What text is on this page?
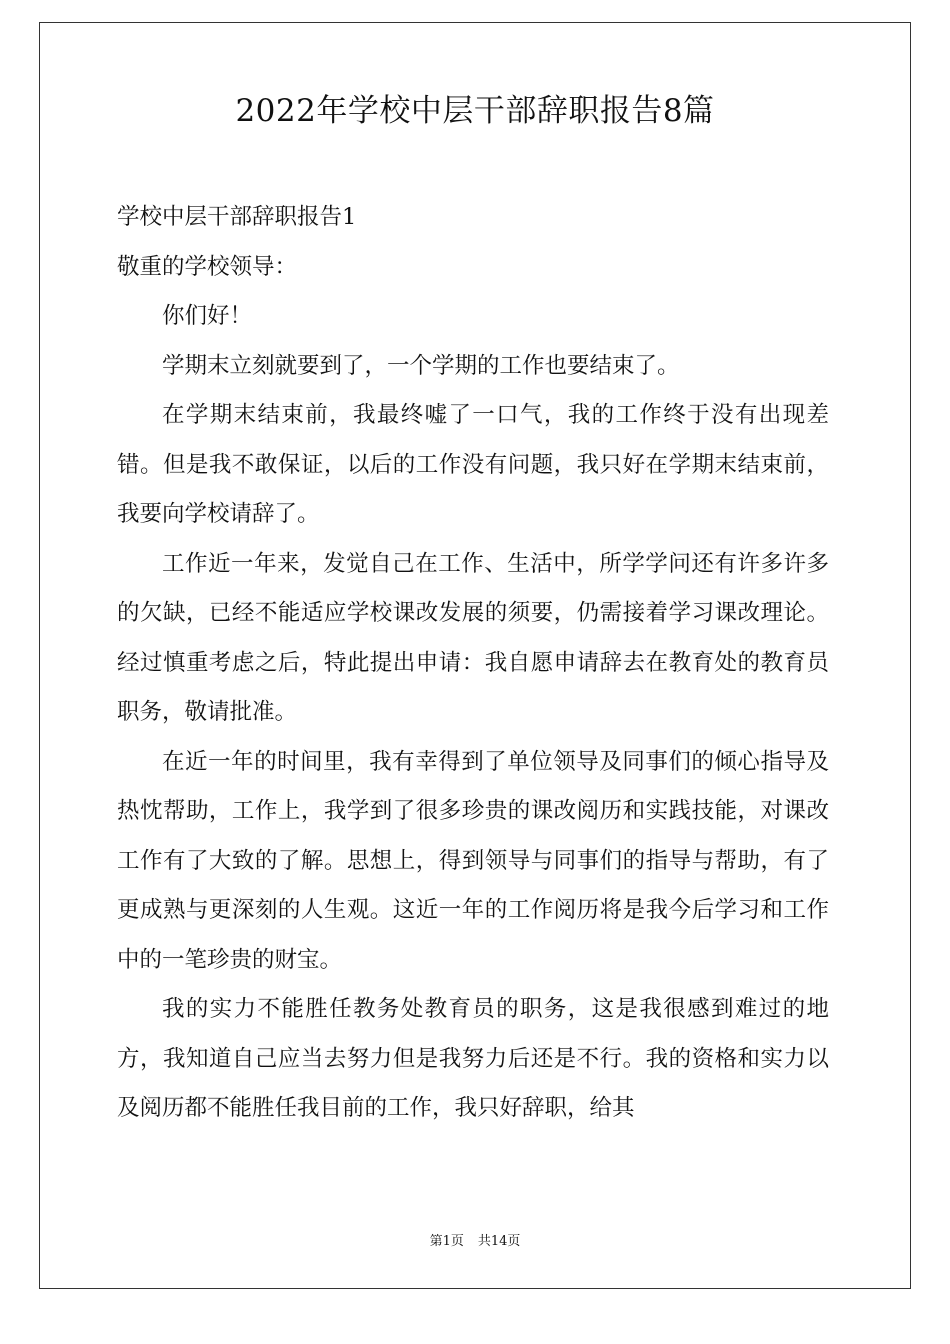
2022年学校中层干部辞职报告8篇

学校中层干部辞职报告1

敬重的学校领导：

你们好！

学期末立刻就要到了，一个学期的工作也要结束了。

在学期末结束前，我最终嘘了一口气，我的工作终于没有出现差错。但是我不敢保证，以后的工作没有问题，我只好在学期末结束前，我要向学校请辞了。

工作近一年来，发觉自己在工作、生活中，所学学问还有许多许多的欠缺，已经不能适应学校课改发展的须要，仍需接着学习课改理论。经过慎重考虑之后，特此提出申请：我自愿申请辞去在教育处的教育员职务，敬请批准。

在近一年的时间里，我有幸得到了单位领导及同事们的倾心指导及热忱帮助，工作上，我学到了很多珍贵的课改阅历和实践技能，对课改工作有了大致的了解。思想上，得到领导与同事们的指导与帮助，有了更成熟与更深刻的人生观。这近一年的工作阅历将是我今后学习和工作中的一笔珍贵的财宝。

我的实力不能胜任教务处教育员的职务，这是我很感到难过的地方，我知道自己应当去努力但是我努力后还是不行。我的资格和实力以及阅历都不能胜任我目前的工作，我只好辞职，给其

第1页 共14页
